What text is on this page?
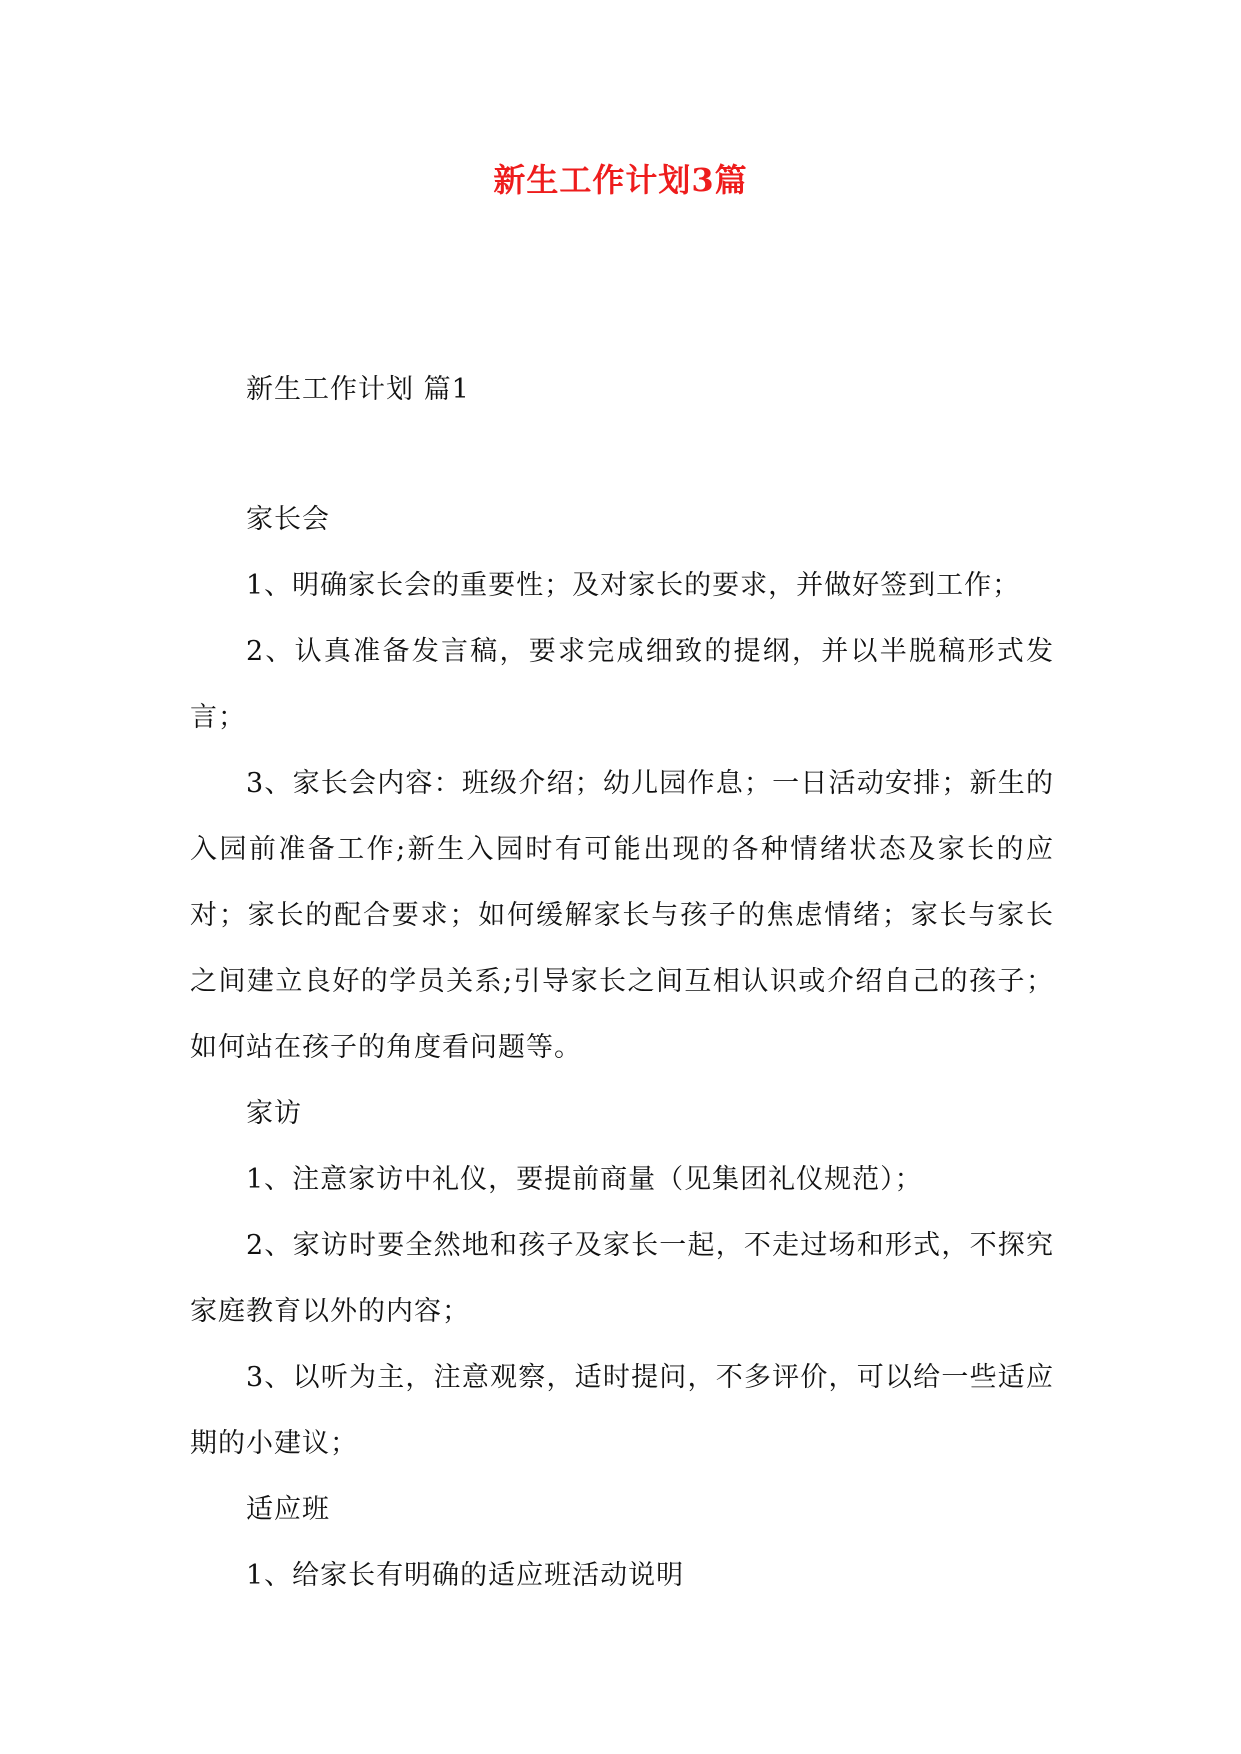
新生工作计划3篇

新生工作计划 篇1

家长会

1、明确家长会的重要性；及对家长的要求，并做好签到工作；

2、认真准备发言稿，要求完成细致的提纲，并以半脱稿形式发言；

3、家长会内容：班级介绍；幼儿园作息；一日活动安排；新生的入园前准备工作;新生入园时有可能出现的各种情绪状态及家长的应对；家长的配合要求；如何缓解家长与孩子的焦虑情绪；家长与家长之间建立良好的学员关系;引导家长之间互相认识或介绍自己的孩子；如何站在孩子的角度看问题等。

家访

1、注意家访中礼仪，要提前商量（见集团礼仪规范）；

2、家访时要全然地和孩子及家长一起，不走过场和形式，不探究家庭教育以外的内容；

3、以听为主，注意观察，适时提问，不多评价，可以给一些适应期的小建议；

适应班

1、给家长有明确的适应班活动说明
